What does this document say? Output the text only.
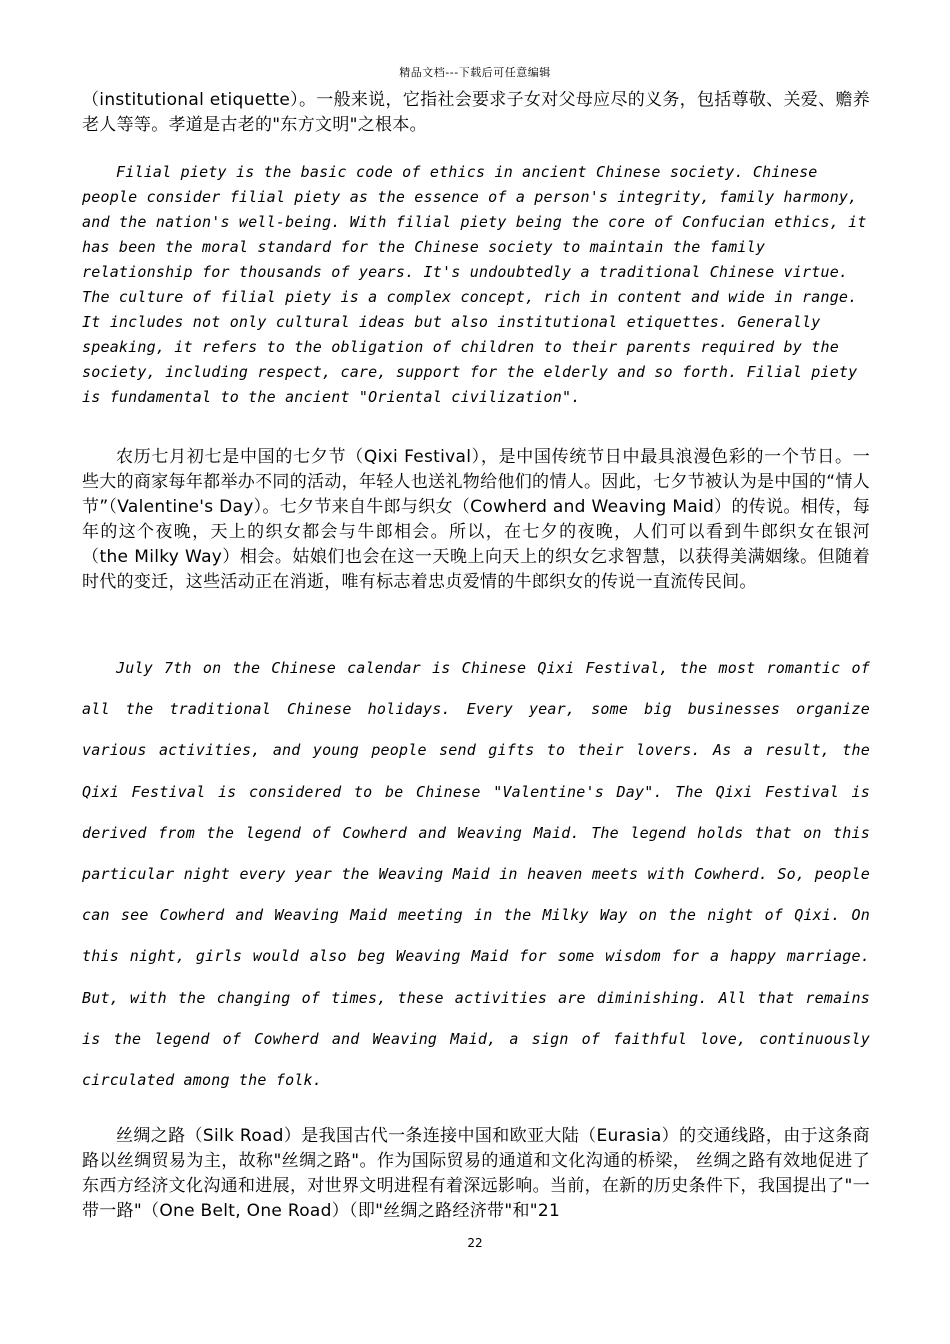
精品文档---下载后可任意编辑

（institutional etiquette）。一般来说，它指社会要求子女对父母应尽的义务，包括尊敬、关爱、赡养老人等等。孝道是古老的"东方文明"之根本。

Filial piety is the basic code of ethics in ancient Chinese society. Chinese people consider filial piety as the essence of a person's integrity, family harmony, and the nation's well-being. With filial piety being the core of Confucian ethics, it has been the moral standard for the Chinese society to maintain the family relationship for thousands of years. It's undoubtedly a traditional Chinese virtue. The culture of filial piety is a complex concept, rich in content and wide in range. It includes not only cultural ideas but also institutional etiquettes. Generally speaking, it refers to the obligation of children to their parents required by the society, including respect, care, support for the elderly and so forth. Filial piety is fundamental to the ancient "Oriental civilization".

农历七月初七是中国的七夕节（Qixi Festival），是中国传统节日中最具浪漫色彩的一个节日。一些大的商家每年都举办不同的活动，年轻人也送礼物给他们的情人。因此，七夕节被认为是中国的“情人节”（Valentine's Day）。七夕节来自牛郎与织女（Cowherd and Weaving Maid）的传说。相传，每年的这个夜晚，天上的织女都会与牛郎相会。所以，在七夕的夜晚，人们可以看到牛郎织女在银河 （the Milky Way）相会。姑娘们也会在这一天晚上向天上的织女乞求智慧，以获得美满姻缘。但随着时代的变迁，这些活动正在消逝，唯有标志着忠贞爱情的牛郎织女的传说一直流传民间。

July 7th on the Chinese calendar is Chinese Qixi Festival, the most romantic of all the traditional Chinese holidays. Every year, some big businesses organize various activities, and young people send gifts to their lovers. As a result, the Qixi Festival is considered to be Chinese "Valentine's Day". The Qixi Festival is derived from the legend of Cowherd and Weaving Maid. The legend holds that on this particular night every year the Weaving Maid in heaven meets with Cowherd. So, people can see Cowherd and Weaving Maid meeting in the Milky Way on the night of Qixi. On this night, girls would also beg Weaving Maid for some wisdom for a happy marriage. But, with the changing of times, these activities are diminishing. All that remains is the legend of Cowherd and Weaving Maid, a sign of faithful love, continuously circulated among the folk.

丝绸之路（Silk Road）是我国古代一条连接中国和欧亚大陆（Eurasia）的交通线路，由于这条商路以丝绸贸易为主，故称"丝绸之路"。作为国际贸易的通道和文化沟通的桥梁， 丝绸之路有效地促进了东西方经济文化沟通和进展，对世界文明进程有着深远影响。当前，在新的历史条件下，我国提出了"一带一路"（One Belt, One Road）（即"丝绸之路经济带"和"21

22
